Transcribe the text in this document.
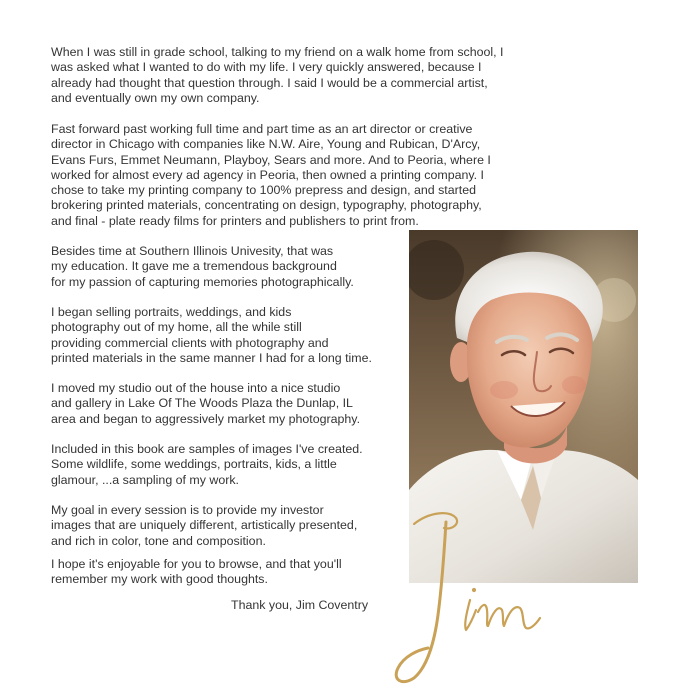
When I was still in grade school, talking to my friend on a walk home from school, I
was asked what I wanted to do with my life. I very quickly answered, because I
already had thought that question through. I said I would be a commercial artist,
and eventually own my own company.

Fast forward past working full time and part time as an art director or creative
director in Chicago with companies like N.W. Aire, Young and Rubican, D'Arcy,
Evans Furs, Emmet Neumann, Playboy, Sears and more. And to Peoria, where I
worked for almost every ad agency in Peoria, then owned a printing company. I
chose to take my printing company to 100% prepress and design, and started
brokering printed materials, concentrating on design, typography, photography,
and final - plate ready films for printers and publishers to print from.

Besides time at Southern Illinois Univesity, that was
my education. It gave me a tremendous background
for my passion of capturing memories photographically.

I began selling portraits, weddings, and kids
photography out of my home, all the while still
providing commercial clients with photography and
printed materials in the same manner I had for a long time.

I moved my studio out of the house into a nice studio
and gallery in Lake Of The Woods Plaza the Dunlap, IL
area and began to aggressively market my photography.

Included in this book are samples of images I've created.
Some wildlife, some weddings, portraits, kids, a little
glamour, ...a sampling of my work.

My goal in every session is to provide my investor
images that are uniquely different, artistically presented,
and rich in color, tone and composition.

I hope it's enjoyable for you to browse, and that you'll
remember my work with good thoughts.

Thank you, Jim Coventry

Jim
